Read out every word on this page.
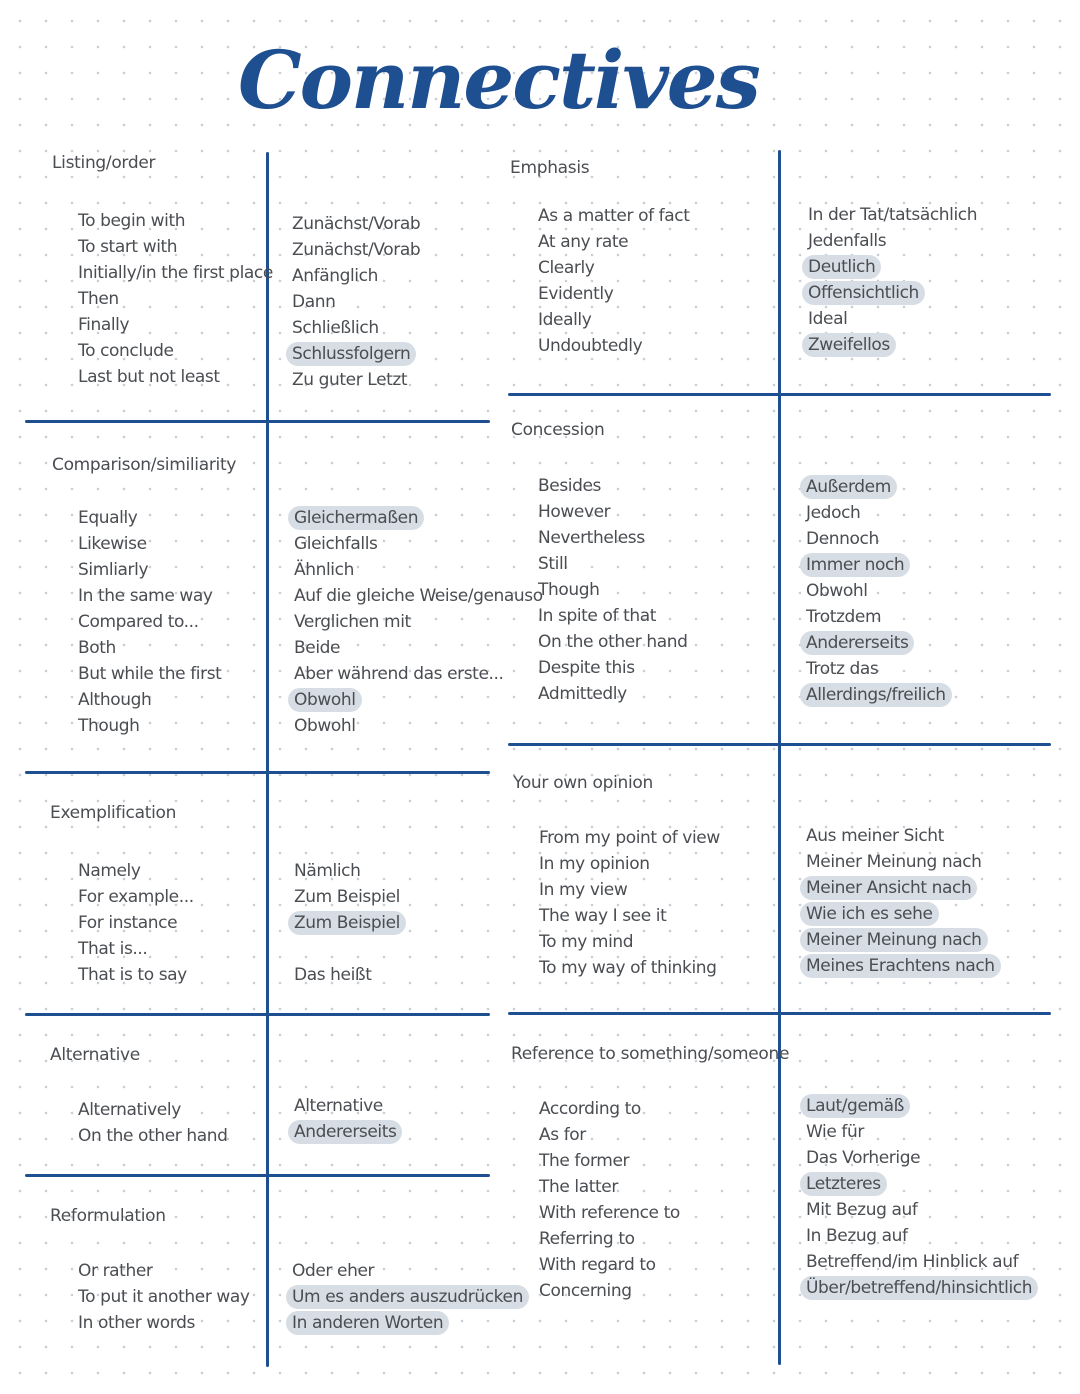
Connectives
Listing/order
To begin with
To start with
Initially/in the first place
Then
Finally
To conclude
Last but not least
Zunächst/Vorab
Zunächst/Vorab
Anfänglich
Dann
Schließlich
Schlussfolgern
Zu guter Letzt
Comparison/similiarity
Equally
Likewise
Simliarly
In the same way
Compared to...
Both
But while the first
Although
Though
Gleichermaßen
Gleichfalls
Ähnlich
Auf die gleiche Weise/genauso
Verglichen mit
Beide
Aber während das erste...
Obwohl
Obwohl
Exemplification
Namely
For example...
For instance
That is...
That is to say
Nämlich
Zum Beispiel
Zum Beispiel
Das heißt
Alternative
Alternatively
On the other hand
Alternative
Andererseits
Reformulation
Or rather
To put it another way
In other words
Oder eher
Um es anders auszudrücken
In anderen Worten
Emphasis
As a matter of fact
At any rate
Clearly
Evidently
Ideally
Undoubtedly
In der Tat/tatsächlich
Jedenfalls
Deutlich
Offensichtlich
Ideal
Zweifellos
Concession
Besides
However
Nevertheless
Still
Though
In spite of that
On the other hand
Despite this
Admittedly
Außerdem
Jedoch
Dennoch
Immer noch
Obwohl
Trotzdem
Andererseits
Trotz das
Allerdings/freilich
Your own opinion
From my point of view
In my opinion
In my view
The way I see it
To my mind
To my way of thinking
Aus meiner Sicht
Meiner Meinung nach
Meiner Ansicht nach
Wie ich es sehe
Meiner Meinung nach
Meines Erachtens nach
Reference to something/someone
According to
As for
The former
The latter
With reference to
Referring to
With regard to
Concerning
Laut/gemäß
Wie für
Das Vorherige
Letzteres
Mit Bezug auf
In Bezug auf
Betreffend/im Hinblick auf
Über/betreffend/hinsichtlich
